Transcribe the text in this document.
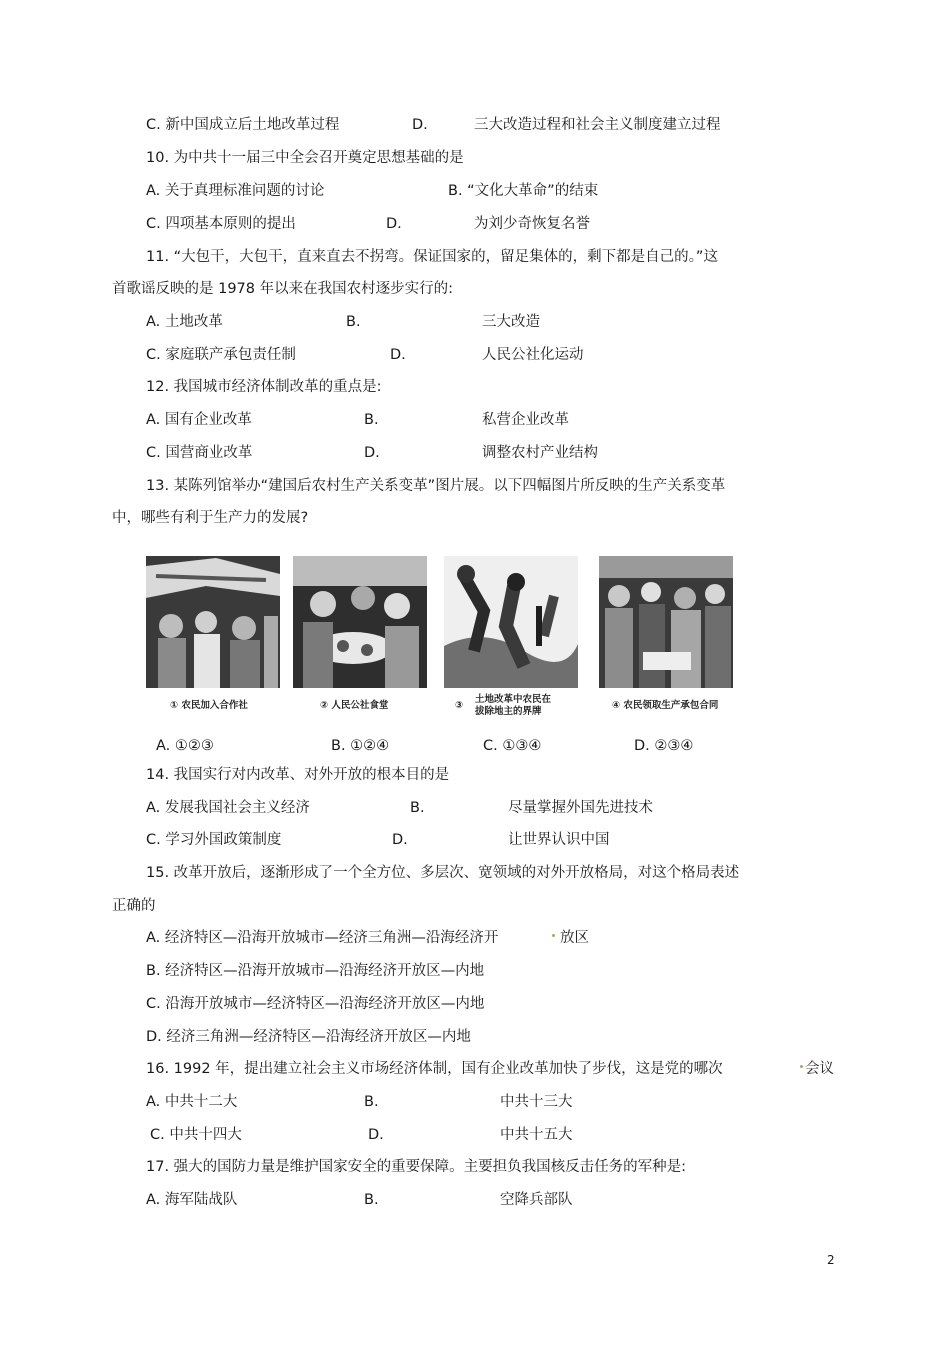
C. 新中国成立后土地改革过程	D.	三大改造过程和社会主义制度建立过程
10. 为中共十一届三中全会召开奠定思想基础的是
A. 关于真理标准问题的讨论	B. “文化大革命”的结束
C. 四项基本原则的提出	D.	为刘少奇恢复名誉
11. “大包干，大包干，直来直去不拐弯。保证国家的，留足集体的，剩下都是自己的。”这
首歌谣反映的是 1978 年以来在我国农村逐步实行的:
A. 土地改革	B.	三大改造
C. 家庭联产承包责任制	D.	人民公社化运动
12. 我国城市经济体制改革的重点是:
A. 国有企业改革	B.	私营企业改革
C. 国营商业改革	D.	调整农村产业结构
13. 某陈列馆举办“建国后农村生产关系变革”图片展。以下四幅图片所反映的生产关系变革
中，哪些有利于生产力的发展?
① 农民加入合作社	② 人民公社食堂	③
土地改革中农民在
拔除地主的界牌
④ 农民领取生产承包合同
A. ①②③	B. ①②④	C. ①③④	D. ②③④
14. 我国实行对内改革、对外开放的根本目的是
A. 发展我国社会主义经济	B.	尽量掌握外国先进技术
C. 学习外国政策制度	D.	让世界认识中国
15. 改革开放后，逐渐形成了一个全方位、多层次、宽领域的对外开放格局，对这个格局表述
正确的
A. 经济特区—沿海开放城市—经济三角洲—沿海经济开	放区
B. 经济特区—沿海开放城市—沿海经济开放区—内地
C. 沿海开放城市—经济特区—沿海经济开放区—内地
D. 经济三角洲—经济特区—沿海经济开放区—内地
16. 1992 年，提出建立社会主义市场经济体制，国有企业改革加快了步伐，这是党的哪次	会议
A. 中共十二大	B.	中共十三大
C. 中共十四大	D.	中共十五大
17. 强大的国防力量是维护国家安全的重要保障。主要担负我国核反击任务的军种是:
A. 海军陆战队	B.	空降兵部队
2
